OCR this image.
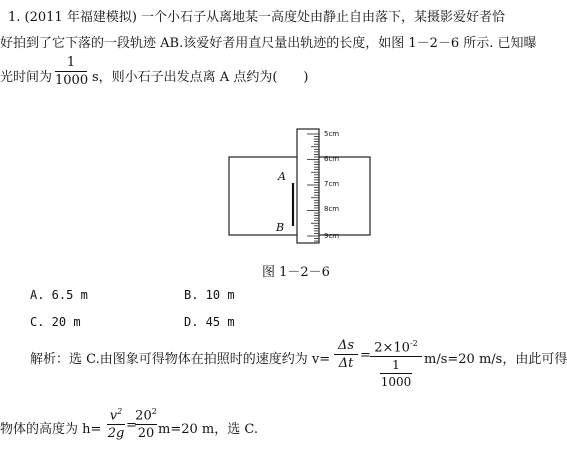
1. (2011 年福建模拟) 一个小石子从离地某一高度处由静止自由落下，某摄影爱好者恰
好拍到了它下落的一段轨迹 AB.该爱好者用直尺量出轨迹的长度，如图 1－2－6 所示. 已知曝
光时间为
1
1000 s，则小石子出发点离 A 点约为(　　)
A
B
5cm
6cm
7cm
8cm
9cm
图 1－2－6
A. 6.5 m	B. 10 m
C. 20 m	D. 45 m
解析：选 C.由图象可得物体在拍照时的速度约为 v=
Δs
Δt
=
$2\times 10^{-2}$
1
1000
m/s=20 m/s，由此可得
物体的高度为 h=
$v^2$
2g
=
$20^2$
20 m=20 m，选 C.
